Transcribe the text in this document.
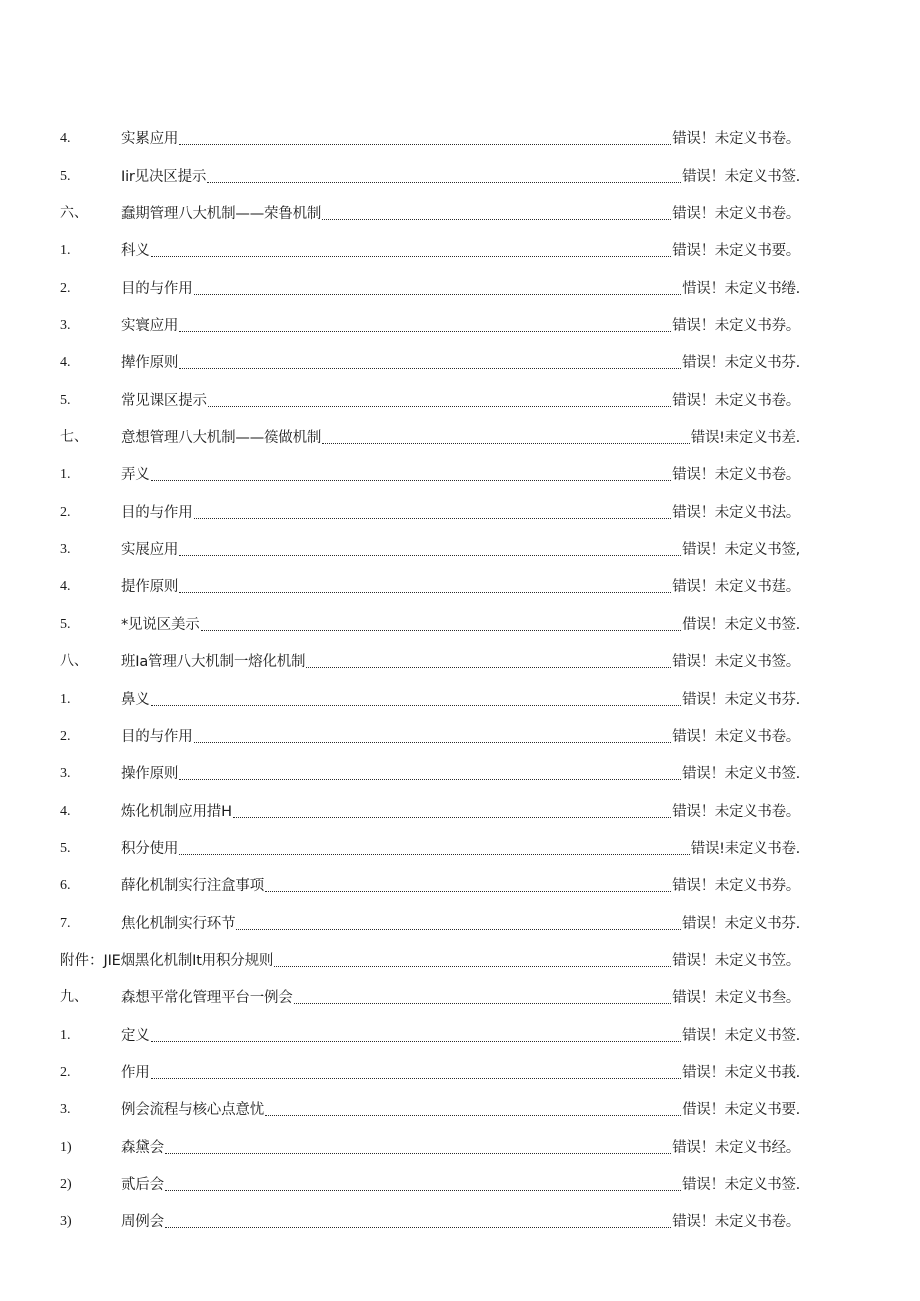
4.	实累应用	错误！未定义书卷。
5.	Iir见决区提示	错误！未定义书签.
六、	蠢期管理八大机制——荣鲁机制	错误！未定义书卷。
1.	科义	错误！未定义书要。
2.	目的与作用	惜误！未定义书绻.
3.	实寰应用	错误！未定义书券。
4.	撵作原则	错误！未定义书芬.
5.	常见课区提示	错误！未定义书卷。
七、	意想管理八大机制——篌做机制	错误!耒定义书差.
1.	弄义	错误！未定义书卷。
2.	目的与作用	错误！未定义书法。
3.	实展应用	错误！未定义书签,
4.	提作原则	错误！未定义书莛。
5.	*见说区美示	借误！未定义书签.
八、	班Ia管理八大机制一熔化机制	错误！未定义书签。
1.	鼻义	错误！未定义书芬.
2.	目的与作用	错误！未定义书卷。
3.	操作原则	错误！未定义书签.
4.	炼化机制应用措H	错误！未定义书卷。
5.	积分使用	错误!耒定义书卷.
6.	薛化机制实行注盒事项	错误！未定义书券。
7.	焦化机制实行环节	错误！未定义书芬.
附件： JIE烟黑化机制It用积分规则	错误！未定义书笠。
九、	森想平常化管理平台一例会	错误！未定义书叁。
1.	定义	错误！未定义书签.
2.	作用	错误！未定义书莪.
3.	例会流程与核心点意忧	借误！未定义书要.
1)	森黛会	错误！未定义书经。
2)	贰后会	错误！未定义书签.
3)	周例会	错误！未定义书卷。
